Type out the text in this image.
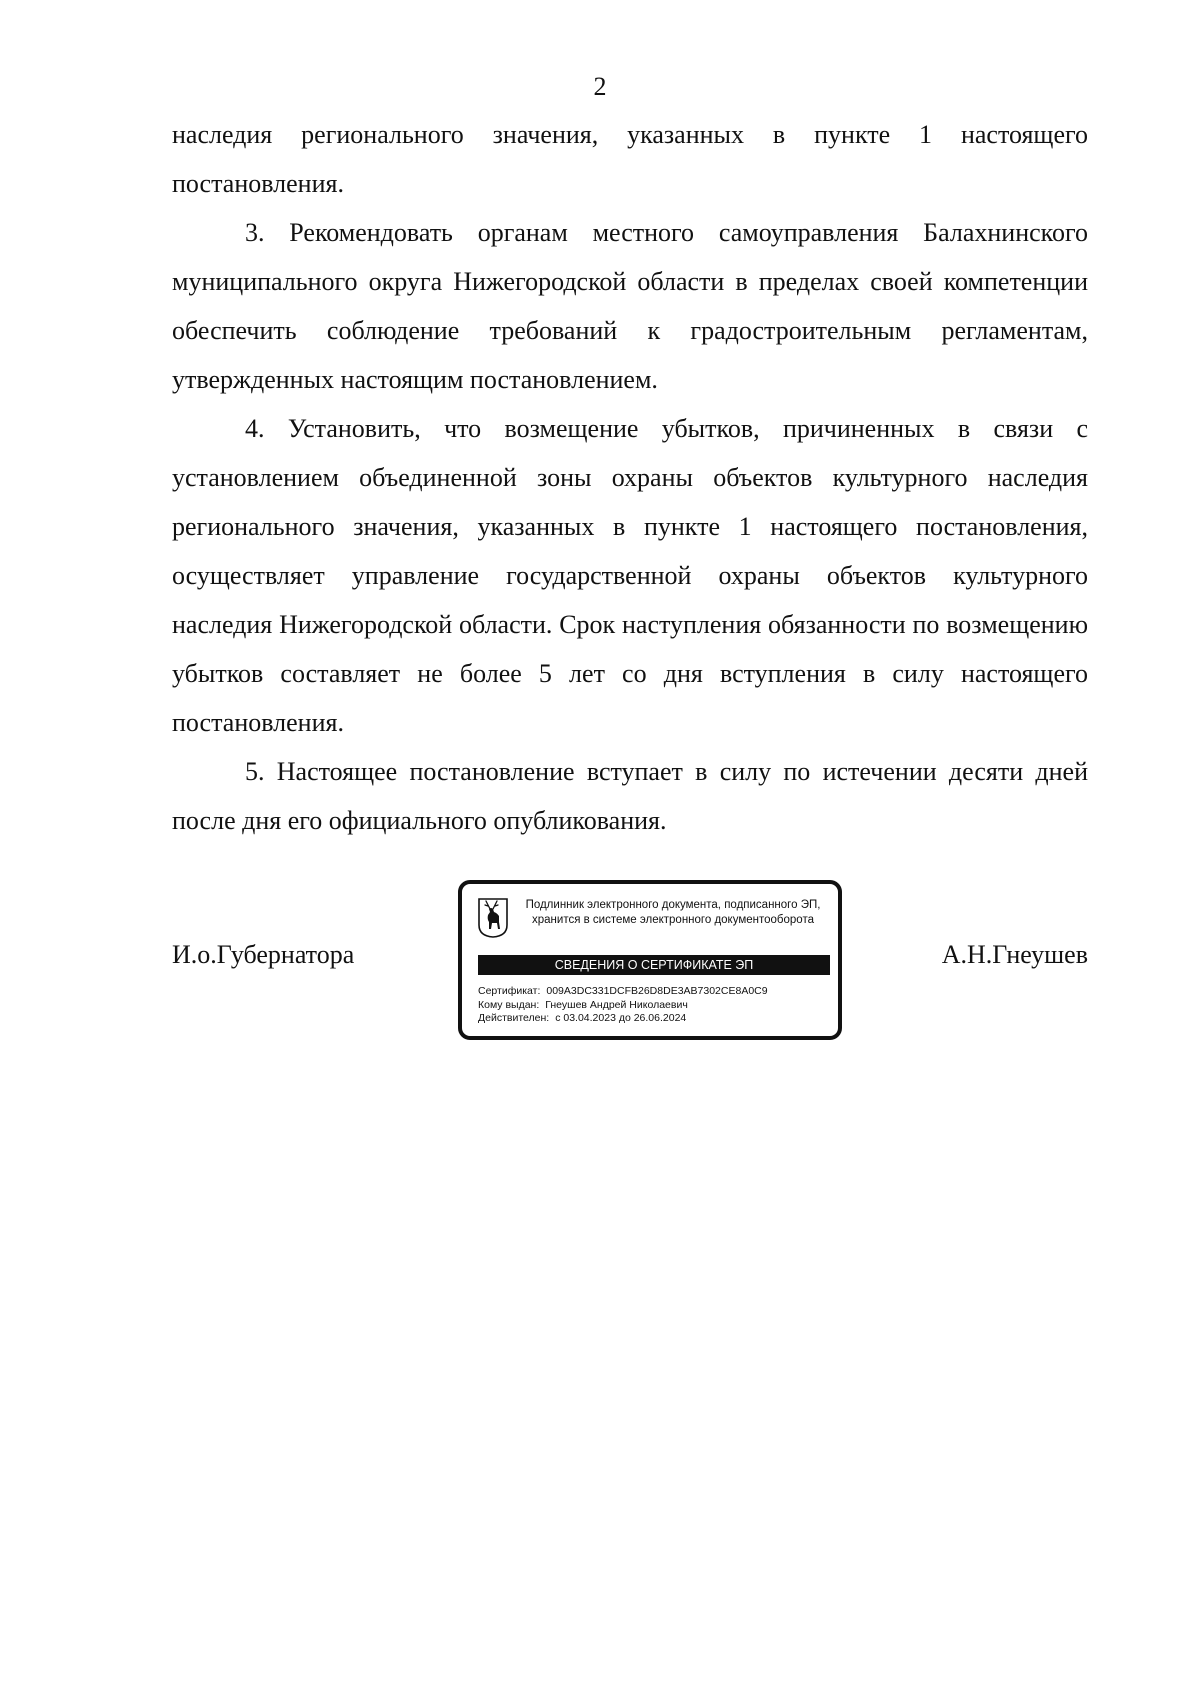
2

наследия регионального значения, указанных в пункте 1 настоящего постановления.

3. Рекомендовать органам местного самоуправления Балахнинского муниципального округа Нижегородской области в пределах своей компетенции обеспечить соблюдение требований к градостроительным регламентам, утвержденных настоящим постановлением.

4. Установить, что возмещение убытков, причиненных в связи с установлением объединенной зоны охраны объектов культурного наследия регионального значения, указанных в пункте 1 настоящего постановления, осуществляет управление государственной охраны объектов культурного наследия Нижегородской области. Срок наступления обязанности по возмещению убытков составляет не более 5 лет со дня вступления в силу настоящего постановления.

5. Настоящее постановление вступает в силу по истечении десяти дней после дня его официального опубликования.

И.о.Губернатора	А.Н.Гнеушев
Подлинник электронного документа, подписанного ЭП,
хранится в системе электронного документооборота
СВЕДЕНИЯ О СЕРТИФИКАТЕ ЭП
Сертификат: 009A3DC331DCFB26D8DE3AB7302CE8A0C9
Кому выдан: Гнеушев Андрей Николаевич
Действителен: с 03.04.2023 до 26.06.2024
